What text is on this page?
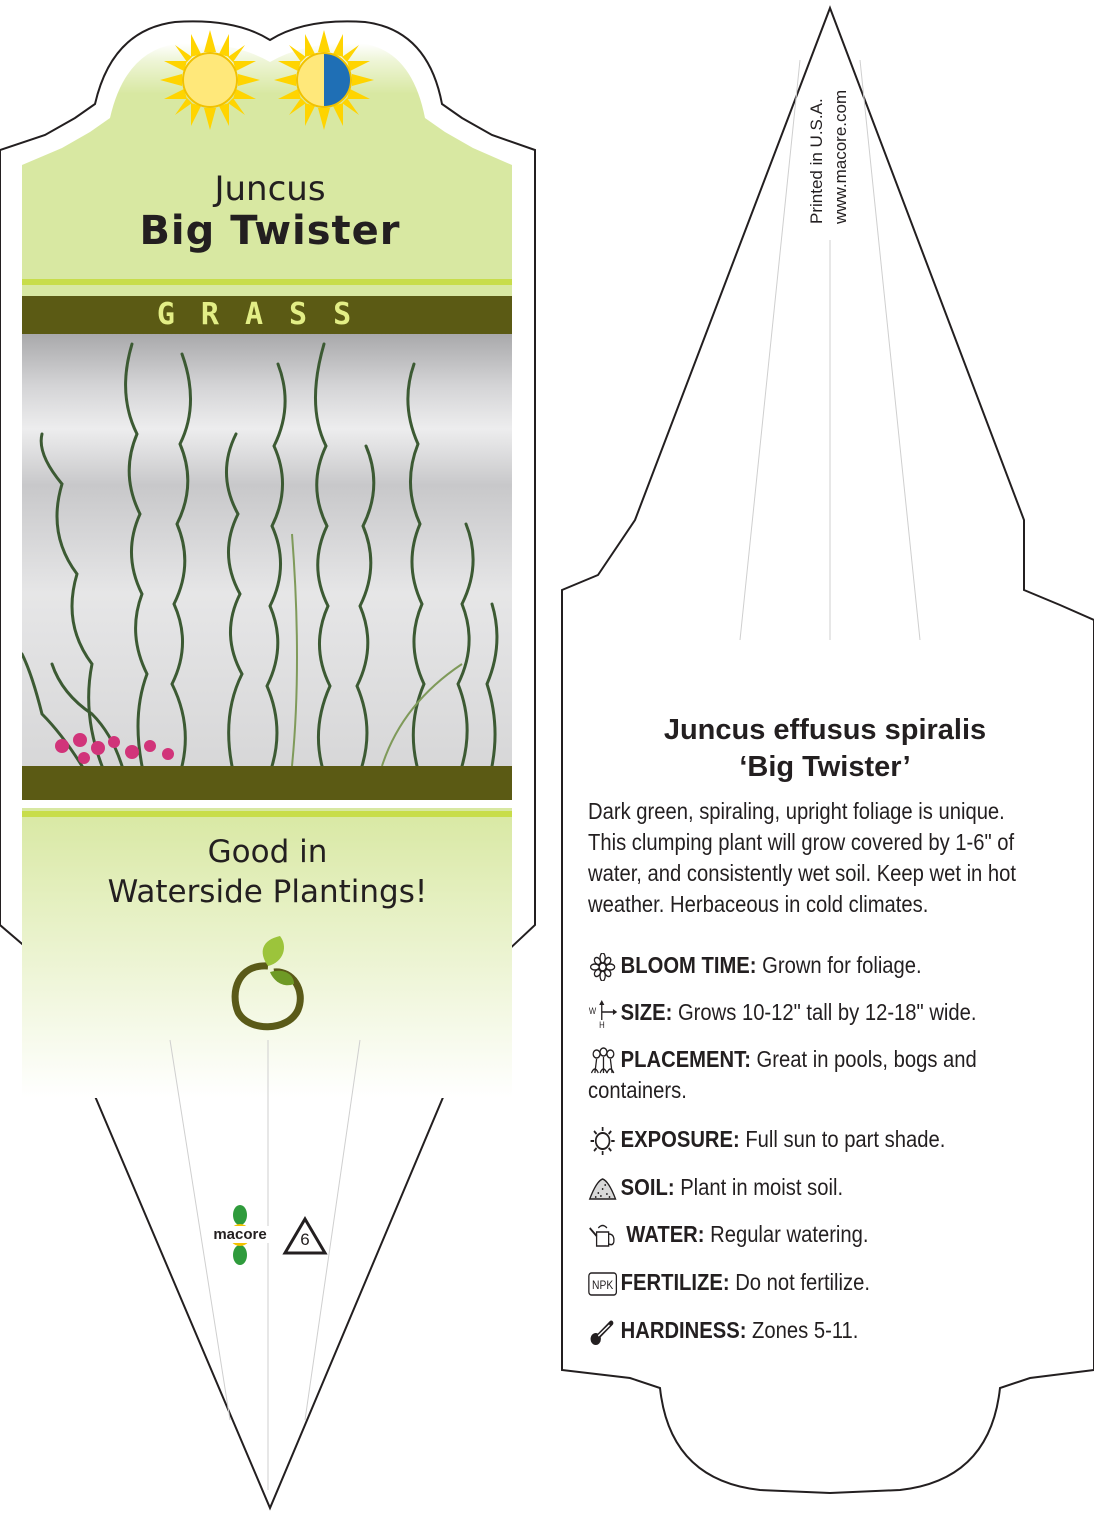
Juncus
Big Twister
GRASS
Good in
Waterside Plantings!
macore	6
Printed in U.S.A. www.macore.com
Juncus effusus spiralis
‘Big Twister’
Dark green, spiraling, upright foliage is unique.
This clumping plant will grow covered by 1-6" of
water, and consistently wet soil. Keep wet in hot
weather. Herbaceous in cold climates.
BLOOM TIME: Grown for foliage.
W
H SIZE: Grows 10-12" tall by 12-18" wide.
PLACEMENT: Great in pools, bogs and
containers.
EXPOSURE: Full sun to part shade.
SOIL: Plant in moist soil.
WATER: Regular watering.
NPK FERTILIZE: Do not fertilize.
HARDINESS: Zones 5-11.
